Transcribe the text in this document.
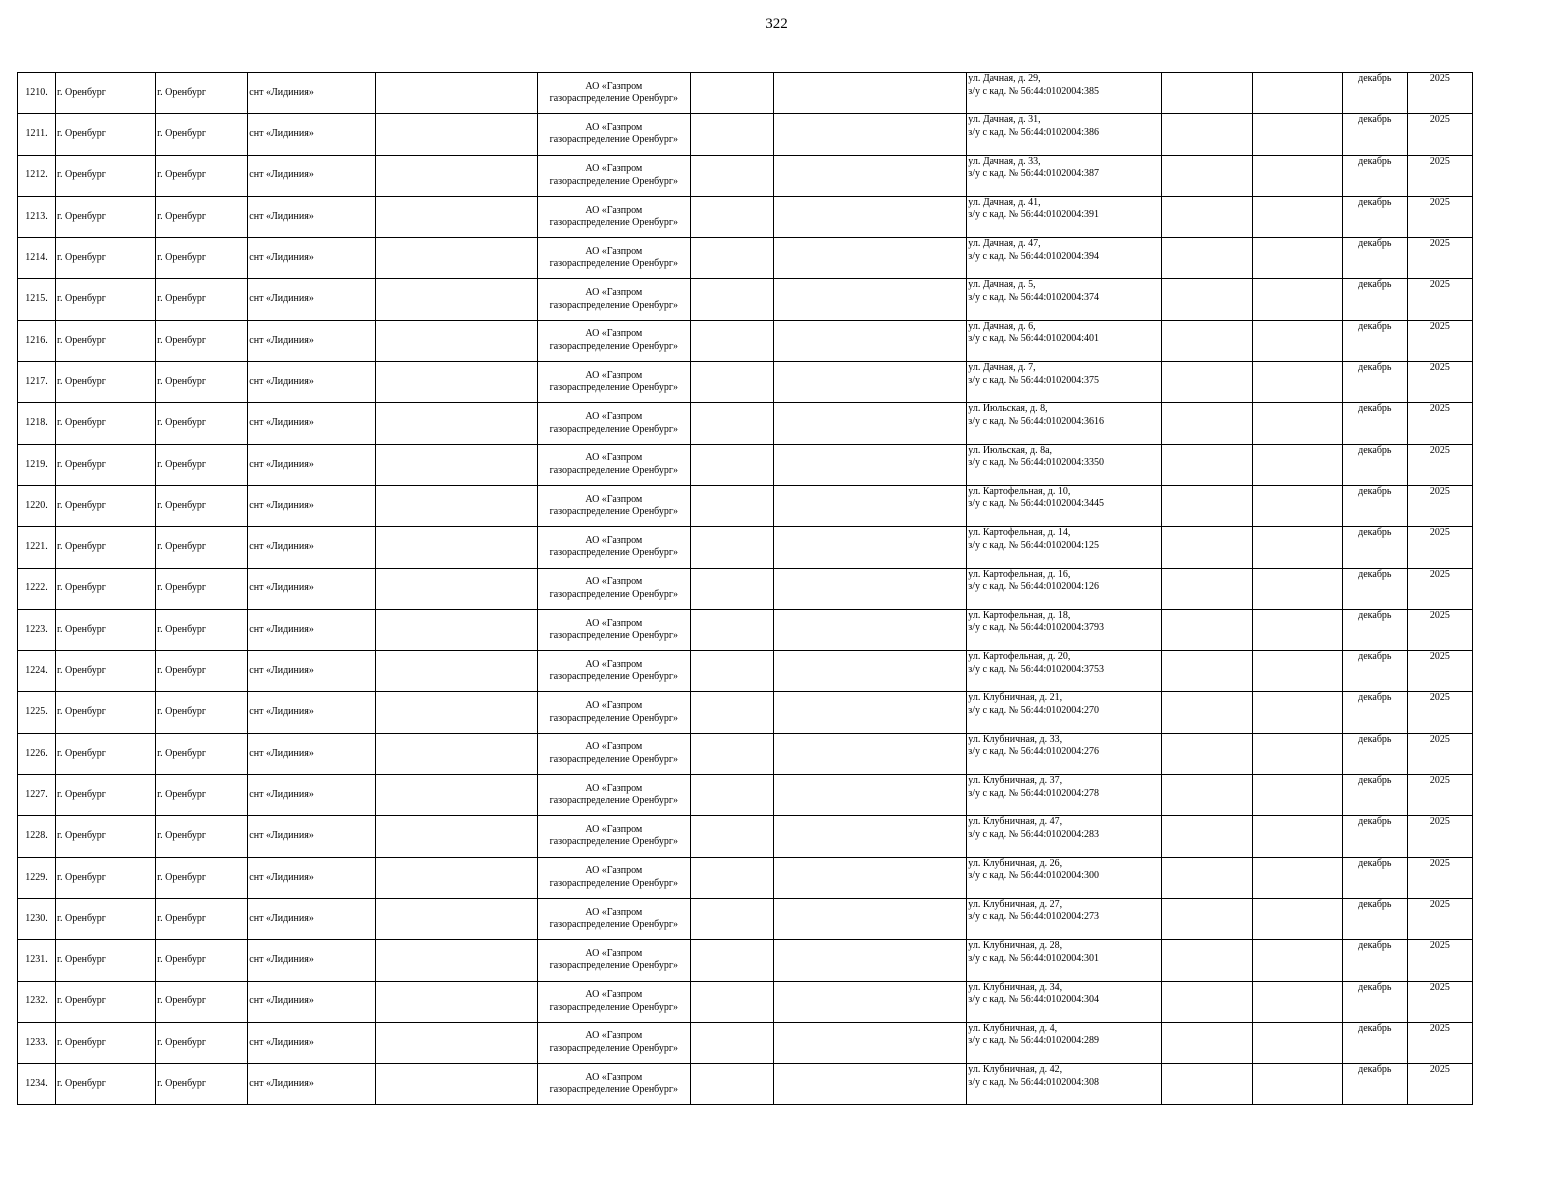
322
1210.	г. Оренбург	г. Оренбург	снт «Лидиния»		АО «Газпром
газораспределение Оренбург»			ул. Дачная, д. 29,
з/у с кад. № 56:44:0102004:385			декабрь	2025
1211.	г. Оренбург	г. Оренбург	снт «Лидиния»		АО «Газпром
газораспределение Оренбург»			ул. Дачная, д. 31,
з/у с кад. № 56:44:0102004:386			декабрь	2025
1212.	г. Оренбург	г. Оренбург	снт «Лидиния»		АО «Газпром
газораспределение Оренбург»			ул. Дачная, д. 33,
з/у с кад. № 56:44:0102004:387			декабрь	2025
1213.	г. Оренбург	г. Оренбург	снт «Лидиния»		АО «Газпром
газораспределение Оренбург»			ул. Дачная, д. 41,
з/у с кад. № 56:44:0102004:391			декабрь	2025
1214.	г. Оренбург	г. Оренбург	снт «Лидиния»		АО «Газпром
газораспределение Оренбург»			ул. Дачная, д. 47,
з/у с кад. № 56:44:0102004:394			декабрь	2025
1215.	г. Оренбург	г. Оренбург	снт «Лидиния»		АО «Газпром
газораспределение Оренбург»			ул. Дачная, д. 5,
з/у с кад. № 56:44:0102004:374			декабрь	2025
1216.	г. Оренбург	г. Оренбург	снт «Лидиния»		АО «Газпром
газораспределение Оренбург»			ул. Дачная, д. 6,
з/у с кад. № 56:44:0102004:401			декабрь	2025
1217.	г. Оренбург	г. Оренбург	снт «Лидиния»		АО «Газпром
газораспределение Оренбург»			ул. Дачная, д. 7,
з/у с кад. № 56:44:0102004:375			декабрь	2025
1218.	г. Оренбург	г. Оренбург	снт «Лидиния»		АО «Газпром
газораспределение Оренбург»			ул. Июльская, д. 8,
з/у с кад. № 56:44:0102004:3616			декабрь	2025
1219.	г. Оренбург	г. Оренбург	снт «Лидиния»		АО «Газпром
газораспределение Оренбург»			ул. Июльская, д. 8а,
з/у с кад. № 56:44:0102004:3350			декабрь	2025
1220.	г. Оренбург	г. Оренбург	снт «Лидиния»		АО «Газпром
газораспределение Оренбург»			ул. Картофельная, д. 10,
з/у с кад. № 56:44:0102004:3445			декабрь	2025
1221.	г. Оренбург	г. Оренбург	снт «Лидиния»		АО «Газпром
газораспределение Оренбург»			ул. Картофельная, д. 14,
з/у с кад. № 56:44:0102004:125			декабрь	2025
1222.	г. Оренбург	г. Оренбург	снт «Лидиния»		АО «Газпром
газораспределение Оренбург»			ул. Картофельная, д. 16,
з/у с кад. № 56:44:0102004:126			декабрь	2025
1223.	г. Оренбург	г. Оренбург	снт «Лидиния»		АО «Газпром
газораспределение Оренбург»			ул. Картофельная, д. 18,
з/у с кад. № 56:44:0102004:3793			декабрь	2025
1224.	г. Оренбург	г. Оренбург	снт «Лидиния»		АО «Газпром
газораспределение Оренбург»			ул. Картофельная, д. 20,
з/у с кад. № 56:44:0102004:3753			декабрь	2025
1225.	г. Оренбург	г. Оренбург	снт «Лидиния»		АО «Газпром
газораспределение Оренбург»			ул. Клубничная, д. 21,
з/у с кад. № 56:44:0102004:270			декабрь	2025
1226.	г. Оренбург	г. Оренбург	снт «Лидиния»		АО «Газпром
газораспределение Оренбург»			ул. Клубничная, д. 33,
з/у с кад. № 56:44:0102004:276			декабрь	2025
1227.	г. Оренбург	г. Оренбург	снт «Лидиния»		АО «Газпром
газораспределение Оренбург»			ул. Клубничная, д. 37,
з/у с кад. № 56:44:0102004:278			декабрь	2025
1228.	г. Оренбург	г. Оренбург	снт «Лидиния»		АО «Газпром
газораспределение Оренбург»			ул. Клубничная, д. 47,
з/у с кад. № 56:44:0102004:283			декабрь	2025
1229.	г. Оренбург	г. Оренбург	снт «Лидиния»		АО «Газпром
газораспределение Оренбург»			ул. Клубничная, д. 26,
з/у с кад. № 56:44:0102004:300			декабрь	2025
1230.	г. Оренбург	г. Оренбург	снт «Лидиния»		АО «Газпром
газораспределение Оренбург»			ул. Клубничная, д. 27,
з/у с кад. № 56:44:0102004:273			декабрь	2025
1231.	г. Оренбург	г. Оренбург	снт «Лидиния»		АО «Газпром
газораспределение Оренбург»			ул. Клубничная, д. 28,
з/у с кад. № 56:44:0102004:301			декабрь	2025
1232.	г. Оренбург	г. Оренбург	снт «Лидиния»		АО «Газпром
газораспределение Оренбург»			ул. Клубничная, д. 34,
з/у с кад. № 56:44:0102004:304			декабрь	2025
1233.	г. Оренбург	г. Оренбург	снт «Лидиния»		АО «Газпром
газораспределение Оренбург»			ул. Клубничная, д. 4,
з/у с кад. № 56:44:0102004:289			декабрь	2025
1234.	г. Оренбург	г. Оренбург	снт «Лидиния»		АО «Газпром
газораспределение Оренбург»			ул. Клубничная, д. 42,
з/у с кад. № 56:44:0102004:308			декабрь	2025
